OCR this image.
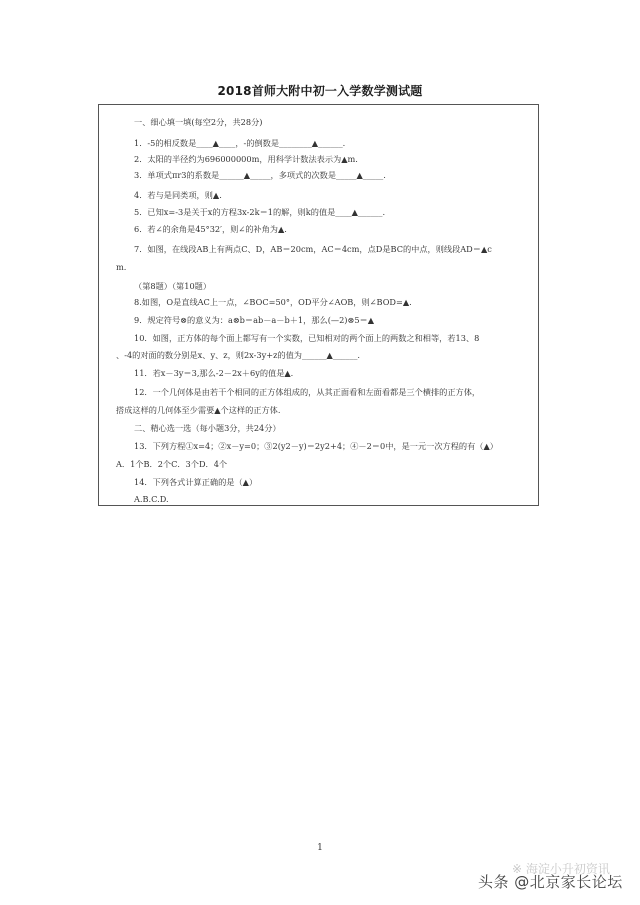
2018首师大附中初一入学数学测试题
一、细心填一填(每空2分，共28分)
1．-5的相反数是____▲____，-的倒数是________▲______.
2．太阳的半径约为696000000m，用科学计数法表示为▲m.
3．单项式πr3的系数是______▲_____，多项式的次数是_____▲_____.
4．若与是同类项，则▲.
5．已知x=-3是关于x的方程3x-2k＝1的解，则k的值是____▲______.
6．若∠的余角是45°32′，则∠的补角为▲.
7．如图，在线段AB上有两点C、D，AB＝20cm，AC＝4cm，点D是BC的中点，则线段AD＝▲c
m.
（第8题）（第10题）
8.如图，O是直线AC上一点，∠BOC=50°，OD平分∠AOB，则∠BOD=▲.
9．规定符号⊗的意义为：a⊗b＝ab－a－b＋1，那么(—2)⊗5＝▲
10．如图，正方体的每个面上都写有一个实数，已知相对的两个面上的两数之和相等，若13、8
、-4的对面的数分别是x、y、z，则2x-3y+z的值为______▲______.
11．若x－3y＝3,那么-2－2x＋6y的值是▲.
12．一个几何体是由若干个相同的正方体组成的，从其正面看和左面看都是三个横排的正方体，
搭成这样的几何体至少需要▲个这样的正方体.
二、精心选一选（每小题3分，共24分）
13．下列方程①x=4；②x－y=0；③2(y2－y)＝2y2+4；④－2＝0中，是一元一次方程的有（▲）
A．1个B．2个C．3个D．4个
14．下列各式计算正确的是（▲）
A.B.C.D.
1
※ 海淀小升初资讯
头条 @北京家长论坛
